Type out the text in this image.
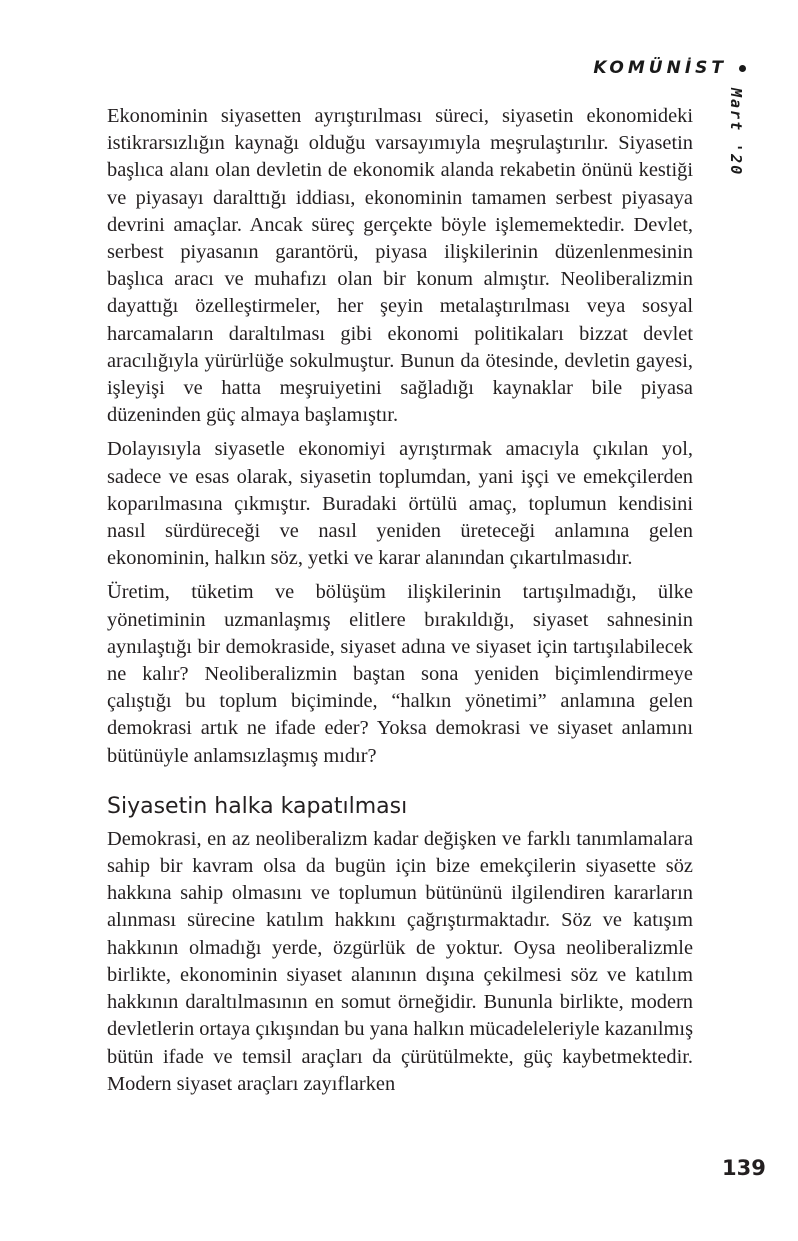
KOMÜNİST
Mart '20

Ekonominin siyasetten ayrıştırılması süreci, siyasetin ekonomideki istikrarsızlığın kaynağı olduğu varsayımıyla meşrulaştırılır. Siyasetin başlıca alanı olan devletin de ekonomik alanda rekabetin önünü kestiği ve piyasayı daralttığı iddiası, ekonominin tamamen serbest piyasaya devrini amaçlar. Ancak süreç gerçekte böyle işlememektedir. Devlet, serbest piyasanın garantörü, piyasa ilişkilerinin düzenlenmesinin başlıca aracı ve muhafızı olan bir konum almıştır. Neoliberalizmin dayattığı özelleştirmeler, her şeyin metalaştırılması veya sosyal harcamaların daraltılması gibi ekonomi politikaları bizzat devlet aracılığıyla yürürlüğe sokulmuştur. Bunun da ötesinde, devletin gayesi, işleyişi ve hatta meşruiyetini sağladığı kaynaklar bile piyasa düzeninden güç almaya başlamıştır.

Dolayısıyla siyasetle ekonomiyi ayrıştırmak amacıyla çıkılan yol, sadece ve esas olarak, siyasetin toplumdan, yani işçi ve emekçilerden koparılmasına çıkmıştır. Buradaki örtülü amaç, toplumun kendisini nasıl sürdüreceği ve nasıl yeniden üreteceği anlamına gelen ekonominin, halkın söz, yetki ve karar alanından çıkartılmasıdır.

Üretim, tüketim ve bölüşüm ilişkilerinin tartışılmadığı, ülke yönetiminin uzmanlaşmış elitlere bırakıldığı, siyaset sahnesinin aynılaştığı bir demokraside, siyaset adına ve siyaset için tartışılabilecek ne kalır? Neoliberalizmin baştan sona yeniden biçimlendirmeye çalıştığı bu toplum biçiminde, “halkın yönetimi” anlamına gelen demokrasi artık ne ifade eder? Yoksa demokrasi ve siyaset anlamını bütünüyle anlamsızlaşmış mıdır?

Siyasetin halka kapatılması

Demokrasi, en az neoliberalizm kadar değişken ve farklı tanımlamalara sahip bir kavram olsa da bugün için bize emekçilerin siyasette söz hakkına sahip olmasını ve toplumun bütününü ilgilendiren kararların alınması sürecine katılım hakkını çağrıştırmaktadır. Söz ve katışım hakkının olmadığı yerde, özgürlük de yoktur. Oysa neoliberalizmle birlikte, ekonominin siyaset alanının dışına çekilmesi söz ve katılım hakkının daraltılmasının en somut örneğidir. Bununla birlikte, modern devletlerin ortaya çıkışından bu yana halkın mücadeleleriyle kazanılmış bütün ifade ve temsil araçları da çürütülmekte, güç kaybetmektedir. Modern siyaset araçları zayıflarken

139
